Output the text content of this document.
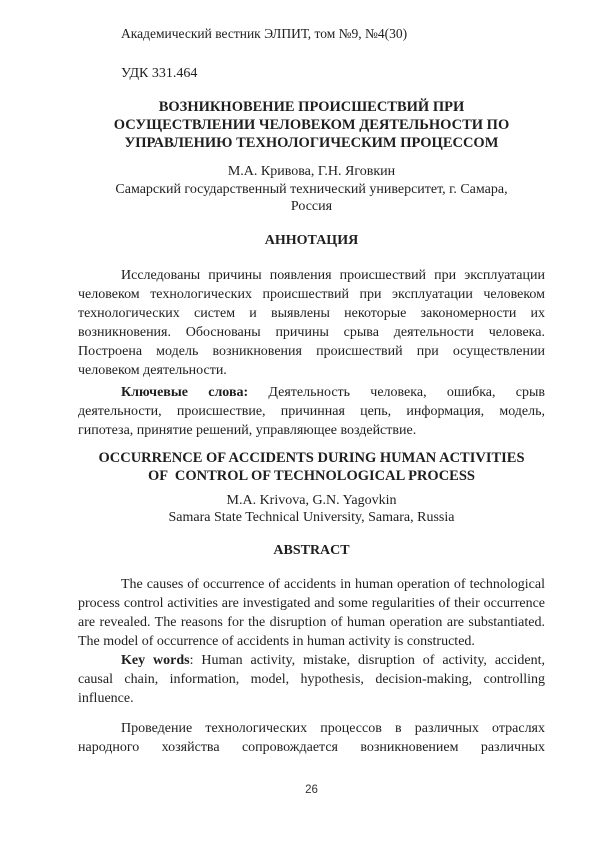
Академический вестник ЭЛПИТ, том №9, №4(30)
УДК 331.464
ВОЗНИКНОВЕНИЕ ПРОИСШЕСТВИЙ ПРИ
ОСУЩЕСТВЛЕНИИ ЧЕЛОВЕКОМ ДЕЯТЕЛЬНОСТИ ПО
УПРАВЛЕНИЮ ТЕХНОЛОГИЧЕСКИМ ПРОЦЕССОМ
М.А. Кривова, Г.Н. Яговкин
Самарский государственный технический университет, г. Самара,
Россия
АННОТАЦИЯ

Исследованы причины появления происшествий при эксплуатации человеком технологических происшествий при эксплуатации человеком технологических систем и выявлены некоторые закономерности их возникновения. Обоснованы причины срыва деятельности человека. Построена модель возникновения происшествий при осуществлении человеком деятельности.

Ключевые слова: Деятельность человека, ошибка, срыв деятельности, происшествие, причинная цепь, информация, модель, гипотеза, принятие решений, управляющее воздействие.

OCCURRENCE OF ACCIDENTS DURING HUMAN ACTIVITIES
OF  CONTROL OF TECHNOLOGICAL PROCESS
M.A. Krivova, G.N. Yagovkin
Samara State Technical University, Samara, Russia
ABSTRACT

The causes of occurrence of accidents in human operation of technological process control activities are investigated and some regularities of their occurrence are revealed. The reasons for the disruption of human operation are substantiated. The model of occurrence of accidents in human activity is constructed.

Key words: Human activity, mistake, disruption of activity, accident, causal chain, information, model, hypothesis, decision-making, controlling influence.

Проведение технологических процессов в различных отраслях народного хозяйства сопровождается возникновением различных

26
